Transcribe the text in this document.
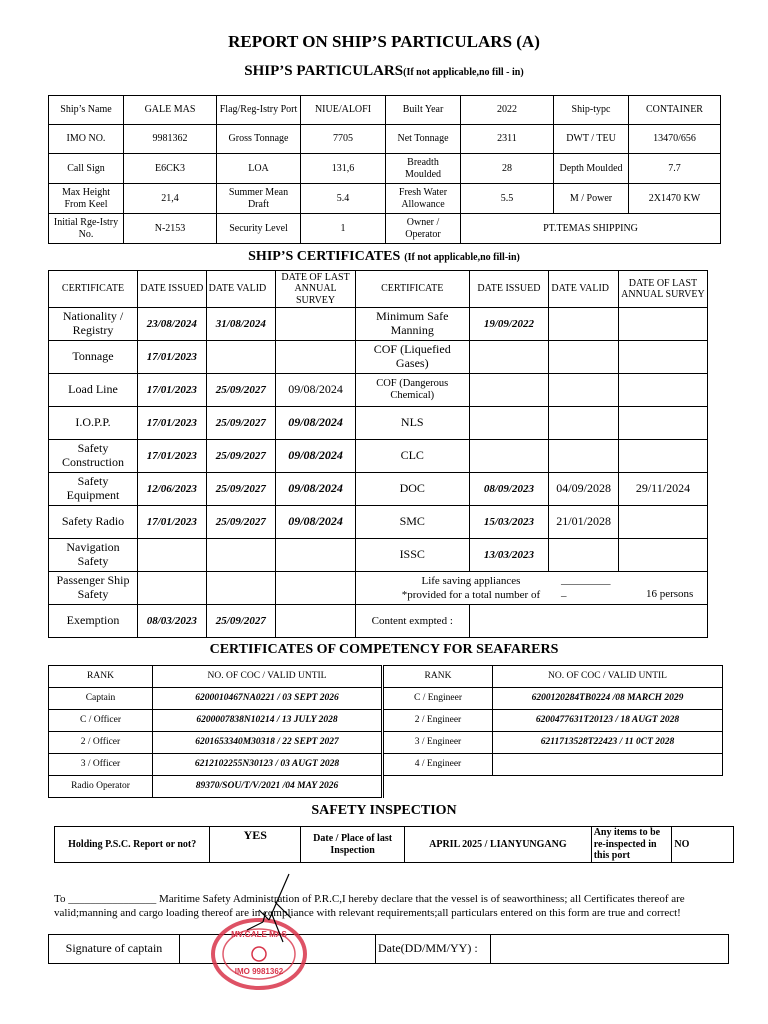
REPORT ON SHIP’S PARTICULARS (A)
SHIP’S PARTICULARS(If not applicable,no fill - in)
Ship’s Name	GALE MAS	Flag/Reg-Istry Port	NIUE/ALOFI	Built Year	2022	Ship-typc	CONTAINER
IMO NO.	9981362	Gross Tonnage	7705	Net Tonnage	2311	DWT / TEU	13470/656
Call Sign	E6CK3	LOA	131,6	Breadth Moulded	28	Depth Moulded	7.7
Max Height From Keel	21,4	Summer Mean Draft	5.4	Fresh Water Allowance	5.5	M / Power	2X1470 KW
Initial Rge-Istry No.	N-2153	Security Level	1	Owner / Operator	PT.TEMAS SHIPPING		
SHIP’S CERTIFICATES (If not applicable,no fill-in)
CERTIFICATE	DATE ISSUED	DATE VALID	DATE OF LAST ANNUAL SURVEY	CERTIFICATE	DATE ISSUED	DATE VALID	DATE OF LAST ANNUAL SURVEY
Nationality / Registry	23/08/2024	31/08/2024		Minimum Safe Manning	19/09/2022		
Tonnage	17/01/2023			COF (Liquefied Gases)			
Load Line	17/01/2023	25/09/2027	09/08/2024	COF (Dangerous Chemical)			
I.O.P.P.	17/01/2023	25/09/2027	09/08/2024	NLS			
Safety Construction	17/01/2023	25/09/2027	09/08/2024	CLC			
Safety Equipment	12/06/2023	25/09/2027	09/08/2024	DOC	08/09/2023	04/09/2028	29/11/2024
Safety Radio	17/01/2023	25/09/2027	09/08/2024	SMC	15/03/2023	21/01/2028	
Navigation Safety				ISSC	13/03/2023		
Passenger Ship Safety				Life saving appliances
*provided for a total number of
_________
_ 16 persons			

Exemption	08/03/2023	25/09/2027		Content exmpted :			
CERTIFICATES OF COMPETENCY FOR SEAFARERS
RANK	NO. OF COC / VALID UNTIL	RANK	NO. OF COC / VALID UNTIL
Captain	6200010467NA0221 / 03 SEPT 2026	C / Engineer	6200120284TB0224 /08 MARCH 2029
C / Officer	6200007838N10214 / 13 JULY 2028	2 / Engineer	6200477631T20123 / 18 AUGT 2028
2 / Officer	6201653340M30318 / 22 SEPT 2027	3 / Engineer	6211713528T22423 / 11 0CT 2028
3 / Officer	6212102255N30123 / 03 AUGT 2028	4 / Engineer	
Radio Operator	89370/SOU/T/V/2021 /04 MAY 2026		
SAFETY INSPECTION
Holding P.S.C. Report or not?	YES	Date / Place of last Inspection	APRIL 2025 / LIANYUNGANG	Any items to be re-inspected in this port	NO
To ________________ Maritime Safety Administration of P.R.C,I hereby declare that the vessel is of seaworthiness; all Certificates thereof are valid;manning and cargo loading thereof are in compliance with relevant requirements;all particulars entered on this form are true and correct!
Signature of captain		Date(DD/MM/YY) :	
MV.GALE MAS
IMO 9981362
